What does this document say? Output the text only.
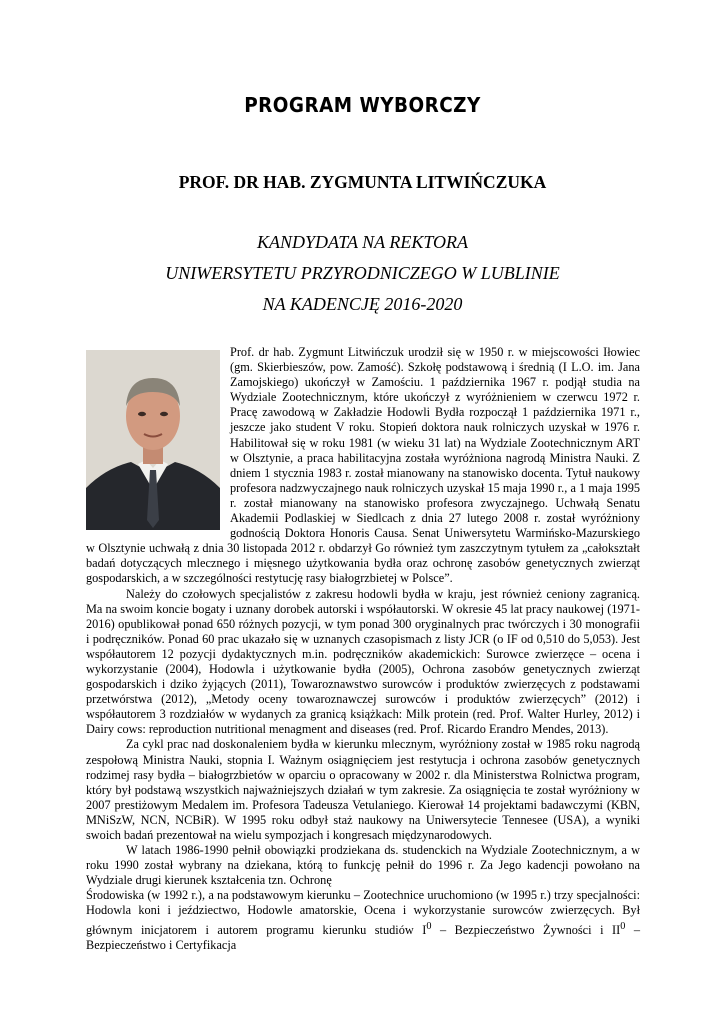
PROGRAM WYBORCZY
PROF. DR HAB. ZYGMUNTA LITWIŃCZUKA
KANDYDATA NA REKTORA
UNIWERSYTETU PRZYRODNICZEGO W LUBLINIE
NA KADENCJĘ 2016-2020

Prof. dr hab. Zygmunt Litwińczuk urodził się w 1950 r. w miejscowości Iłowiec (gm. Skierbieszów, pow. Zamość). Szkołę podstawową i średnią (I L.O. im. Jana Zamojskiego) ukończył w Zamościu. 1 października 1967 r. podjął studia na Wydziale Zootechnicznym, które ukończył z wyróżnieniem w czerwcu 1972 r. Pracę zawodową w Zakładzie Hodowli Bydła rozpoczął 1 października 1971 r., jeszcze jako student V roku. Stopień doktora nauk rolniczych uzyskał w 1976 r. Habilitował się w roku 1981 (w wieku 31 lat) na Wydziale Zootechnicznym ART w Olsztynie, a praca habilitacyjna została wyróżniona nagrodą Ministra Nauki. Z dniem 1 stycznia 1983 r. został mianowany na stanowisko docenta. Tytuł naukowy profesora nadzwyczajnego nauk rolniczych uzyskał 15 maja 1990 r., a 1 maja 1995 r. został mianowany na stanowisko profesora zwyczajnego. Uchwałą Senatu Akademii Podlaskiej w Siedlcach z dnia 27 lutego 2008 r. został wyróżniony godnością Doktora Honoris Causa. Senat Uniwersytetu Warmińsko-Mazurskiego w Olsztynie uchwałą z dnia 30 listopada 2012 r. obdarzył Go również tym zaszczytnym tytułem za „całokształt badań dotyczących mlecznego i mięsnego użytkowania bydła oraz ochronę zasobów genetycznych zwierząt gospodarskich, a w szczególności restytucję rasy białogrzbietej w Polsce”.

Należy do czołowych specjalistów z zakresu hodowli bydła w kraju, jest również ceniony zagranicą. Ma na swoim koncie bogaty i uznany dorobek autorski i współautorski. W okresie 45 lat pracy naukowej (1971-2016) opublikował ponad 650 różnych pozycji, w tym ponad 300 oryginalnych prac twórczych i 30 monografii i podręczników. Ponad 60 prac ukazało się w uznanych czasopismach z listy JCR (o IF od 0,510 do 5,053). Jest współautorem 12 pozycji dydaktycznych m.in. podręczników akademickich: Surowce zwierzęce – ocena i wykorzystanie (2004), Hodowla i użytkowanie bydła (2005), Ochrona zasobów genetycznych zwierząt gospodarskich i dziko żyjących (2011), Towaroznawstwo surowców i produktów zwierzęcych z podstawami przetwórstwa (2012), „Metody oceny towaroznawczej surowców i produktów zwierzęcych” (2012) i współautorem 3 rozdziałów w wydanych za granicą książkach: Milk protein (red. Prof. Walter Hurley, 2012) i Dairy cows: reproduction nutritional menagment and diseases (red. Prof. Ricardo Erandro Mendes, 2013).

Za cykl prac nad doskonaleniem bydła w kierunku mlecznym, wyróżniony został w 1985 roku nagrodą zespołową Ministra Nauki, stopnia I. Ważnym osiągnięciem jest restytucja i ochrona zasobów genetycznych rodzimej rasy bydła – białogrzbietów w oparciu o opracowany w 2002 r. dla Ministerstwa Rolnictwa program, który był podstawą wszystkich najważniejszych działań w tym zakresie. Za osiągnięcia te został wyróżniony w 2007 prestiżowym Medalem im. Profesora Tadeusza Vetulaniego. Kierował 14 projektami badawczymi (KBN, MNiSzW, NCN, NCBiR). W 1995 roku odbył staż naukowy na Uniwersytecie Tennesee (USA), a wyniki swoich badań prezentował na wielu sympozjach i kongresach międzynarodowych.

W latach 1986-1990 pełnił obowiązki prodziekana ds. studenckich na Wydziale Zootechnicznym, a w roku 1990 został wybrany na dziekana, którą to funkcję pełnił do 1996 r. Za Jego kadencji powołano na Wydziale drugi kierunek kształcenia tzn. Ochronę

Środowiska (w 1992 r.), a na podstawowym kierunku – Zootechnice uruchomiono (w 1995 r.) trzy specjalności: Hodowla koni i jeździectwo, Hodowle amatorskie, Ocena i wykorzystanie surowców zwierzęcych. Był głównym inicjatorem i autorem programu kierunku studiów $I^0$ – Bezpieczeństwo Żywności i $II^0$ – Bezpieczeństwo i Certyfikacja
